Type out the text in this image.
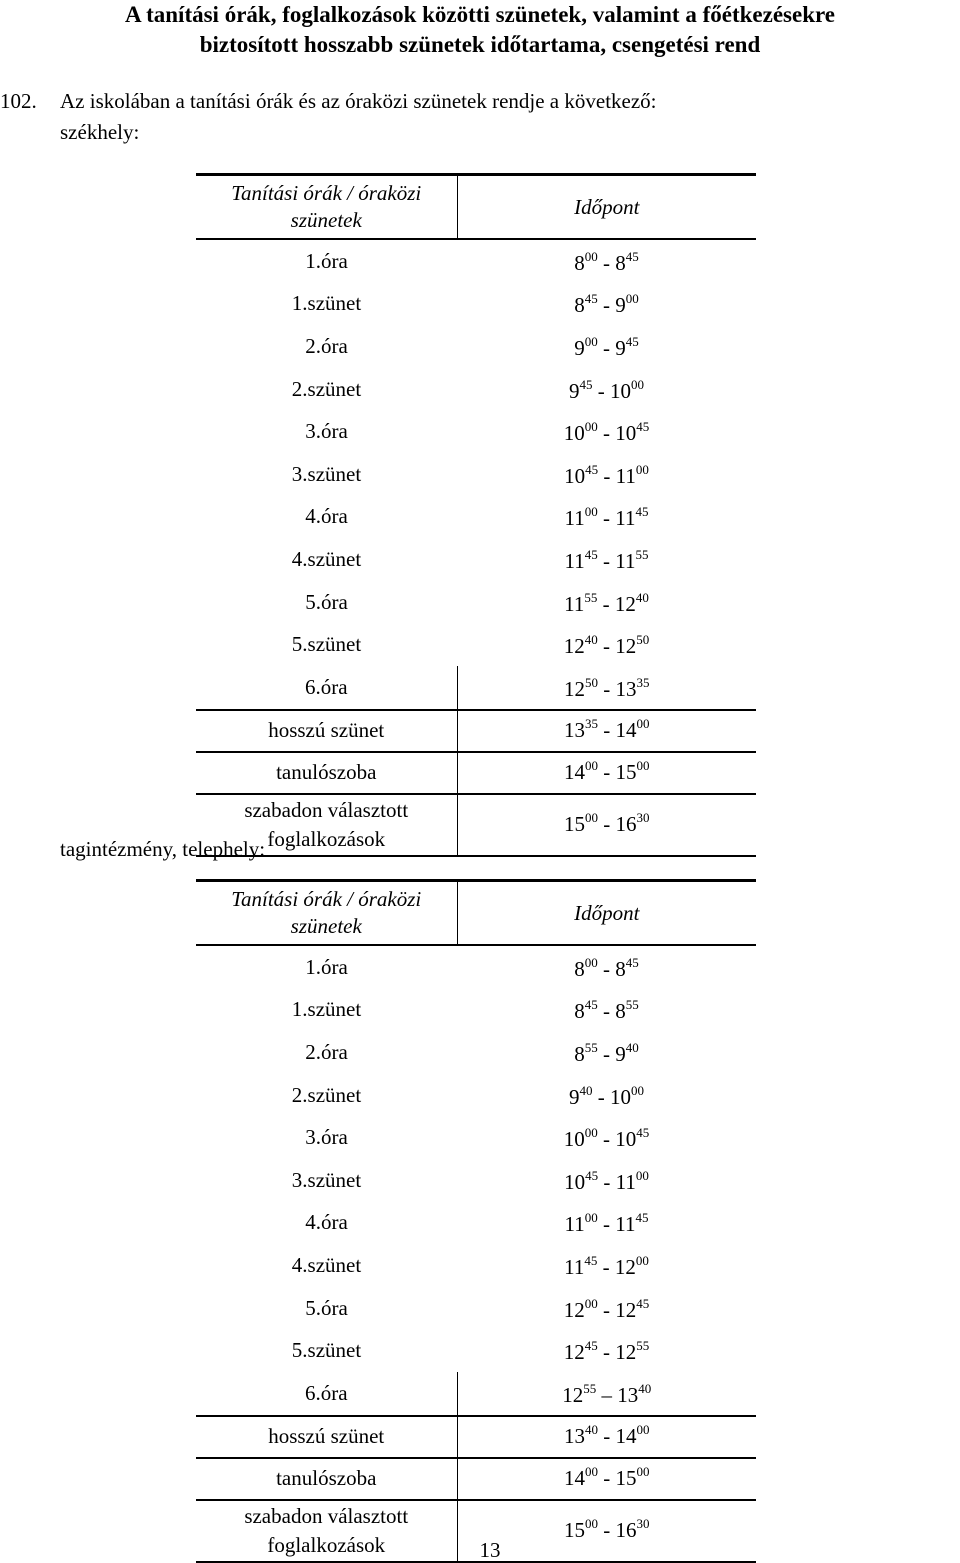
A tanítási órák, foglalkozások közötti szünetek, valamint a főétkezésekre
biztosított hosszabb szünetek időtartama, csengetési rend
102. Az iskolában a tanítási órák és az óraközi szünetek rendje a következő:
székhely:
Tanítási órák / óraközi
szünetek	Időpont
1.óra	$8^{00} - 8^{45}$
1.szünet	$8^{45} - 9^{00}$
2.óra	$9^{00} - 9^{45}$
2.szünet	$9^{45} - 10^{00}$
3.óra	$10^{00} - 10^{45}$
3.szünet	$10^{45} - 11^{00}$
4.óra	$11^{00} - 11^{45}$
4.szünet	$11^{45} - 11^{55}$
5.óra	$11^{55} - 12^{40}$
5.szünet	$12^{40} - 12^{50}$
6.óra	$12^{50} - 13^{35}$
hosszú szünet	$13^{35} - 14^{00}$
tanulószoba	$14^{00} - 15^{00}$

szabadon választott
foglalkozások	$15^{00} - 16^{30}$
tagintézmény, telephely:
Tanítási órák / óraközi
szünetek	Időpont
1.óra	$8^{00} - 8^{45}$
1.szünet	$8^{45} - 8^{55}$
2.óra	$8^{55} - 9^{40}$
2.szünet	$9^{40} - 10^{00}$
3.óra	$10^{00} - 10^{45}$
3.szünet	$10^{45} - 11^{00}$
4.óra	$11^{00} - 11^{45}$
4.szünet	$11^{45} - 12^{00}$
5.óra	$12^{00} - 12^{45}$
5.szünet	$12^{45} - 12^{55}$
6.óra	$12^{55} - 13^{40}$
hosszú szünet	$13^{40} - 14^{00}$
tanulószoba	$14^{00} - 15^{00}$

szabadon választott
foglalkozások	$15^{00} - 16^{30}$
13
